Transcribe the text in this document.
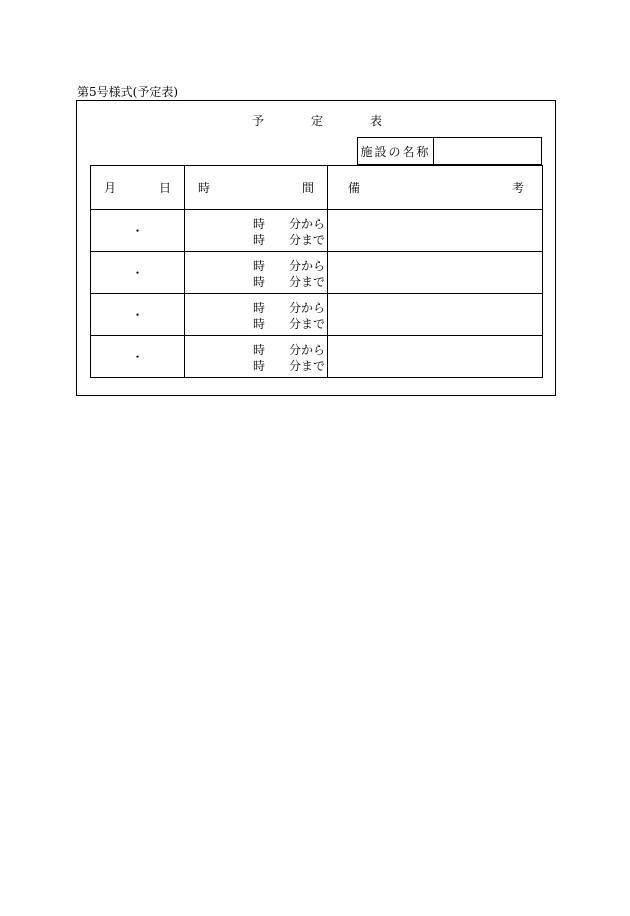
第5号様式(予定表)
予	定	表
施設の名称
月 日	時 間	備 考

・	時 分から
時 分まで	

・	時 分から
時 分まで	

・	時 分から
時 分まで	

・	時 分から
時 分まで	
